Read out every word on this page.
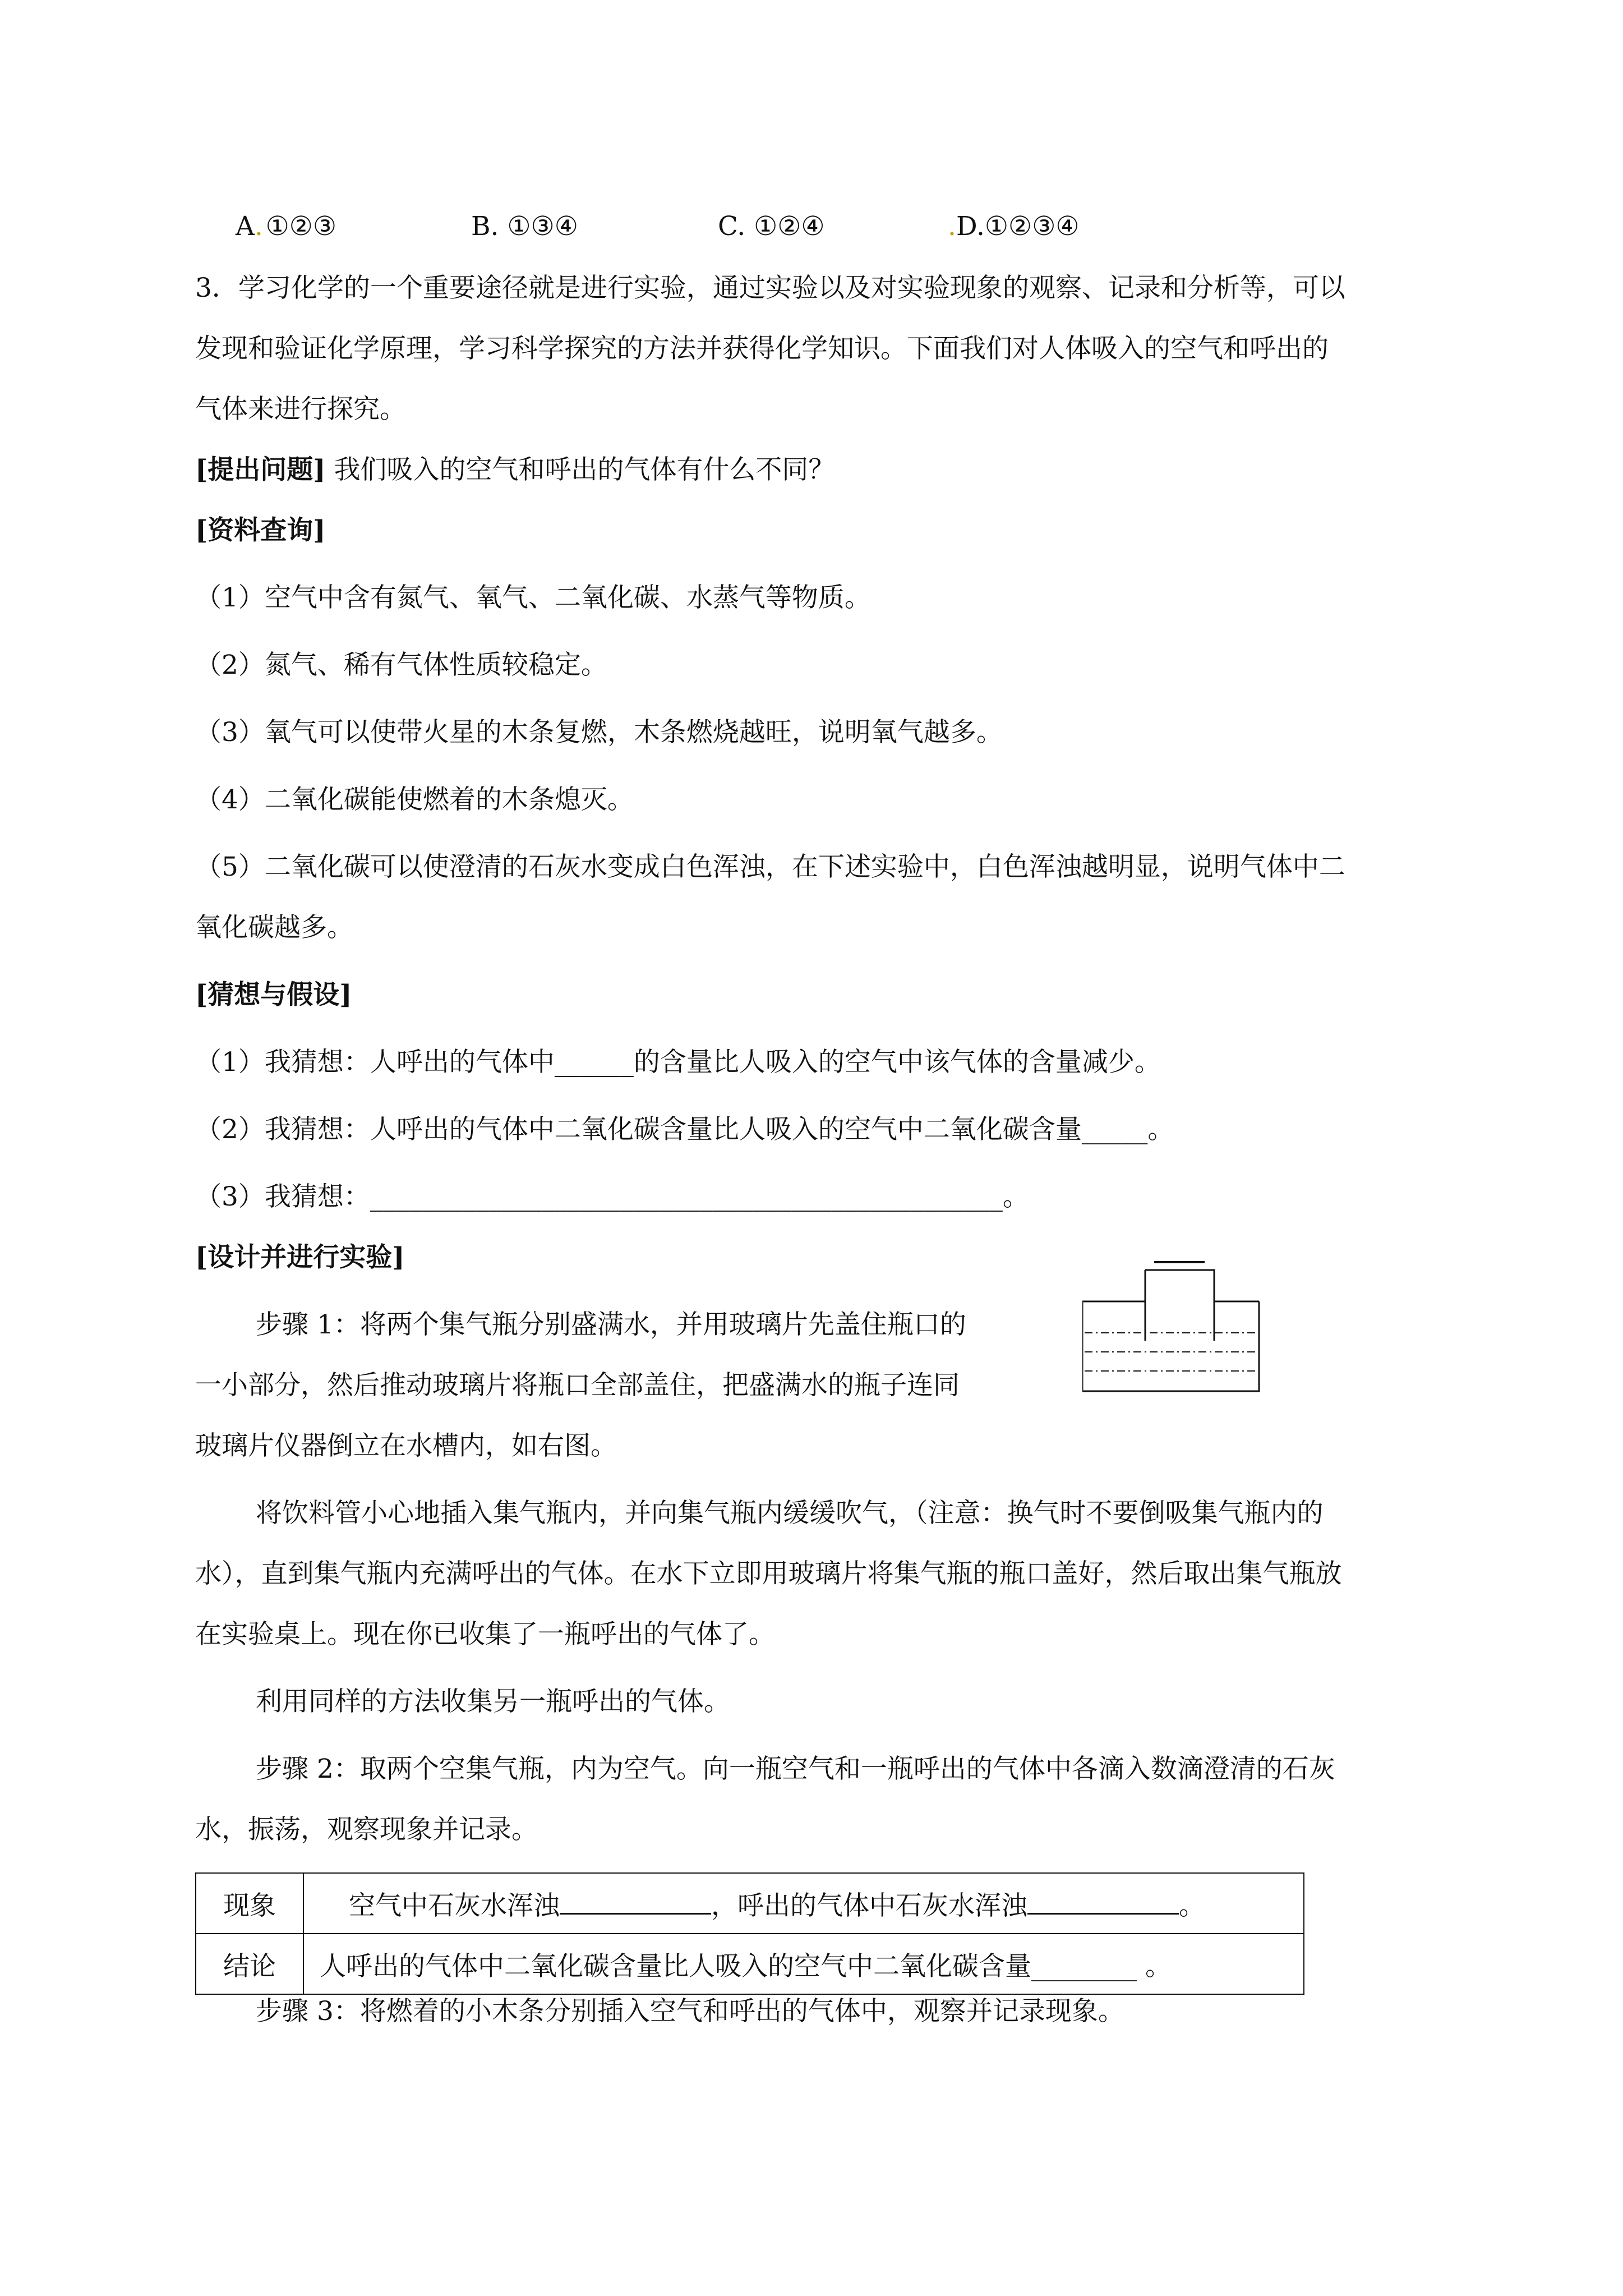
A. ①②③	B. ①③④	C. ①②④	.D.①②③④
3．学习化学的一个重要途径就是进行实验，通过实验以及对实验现象的观察、记录和分析等，可以
发现和验证化学原理，学习科学探究的方法并获得化学知识。下面我们对人体吸入的空气和呼出的
气体来进行探究。
[提出问题] 我们吸入的空气和呼出的气体有什么不同？
[资料查询]
（1）空气中含有氮气、氧气、二氧化碳、水蒸气等物质。
（2）氮气、稀有气体性质较稳定。
（3）氧气可以使带火星的木条复燃，木条燃烧越旺，说明氧气越多。
（4）二氧化碳能使燃着的木条熄灭。
（5）二氧化碳可以使澄清的石灰水变成白色浑浊，在下述实验中，白色浑浊越明显，说明气体中二
氧化碳越多。
[猜想与假设]
（1）我猜想：人呼出的气体中______的含量比人吸入的空气中该气体的含量减少。
（2）我猜想：人呼出的气体中二氧化碳含量比人吸入的空气中二氧化碳含量_____。
（3）我猜想：________________________________________________。
[设计并进行实验]
步骤 1：将两个集气瓶分别盛满水，并用玻璃片先盖住瓶口的
一小部分，然后推动玻璃片将瓶口全部盖住，把盛满水的瓶子连同
玻璃片仪器倒立在水槽内，如右图。
将饮料管小心地插入集气瓶内，并向集气瓶内缓缓吹气，（注意：换气时不要倒吸集气瓶内的
水），直到集气瓶内充满呼出的气体。在水下立即用玻璃片将集气瓶的瓶口盖好，然后取出集气瓶放
在实验桌上。现在你已收集了一瓶呼出的气体了。
利用同样的方法收集另一瓶呼出的气体。
步骤 2：取两个空集气瓶，内为空气。向一瓶空气和一瓶呼出的气体中各滴入数滴澄清的石灰
水，振荡，观察现象并记录。
现象	空气中石灰水浑浊 ，呼出的气体中石灰水浑浊 。
结论	人呼出的气体中二氧化碳含量比人吸入的空气中二氧化碳含量________ 。
步骤 3：将燃着的小木条分别插入空气和呼出的气体中，观察并记录现象。
